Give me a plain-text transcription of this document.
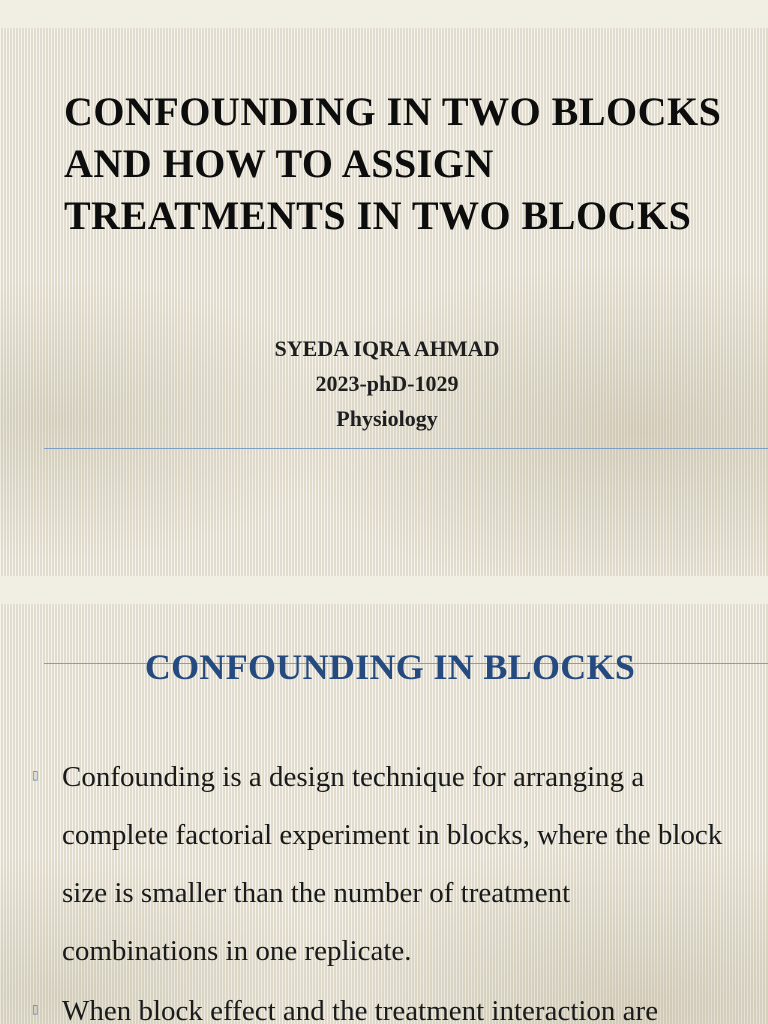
CONFOUNDING IN TWO BLOCKS AND HOW TO ASSIGN TREATMENTS IN TWO BLOCKS
SYEDA IQRA AHMAD
2023-phD-1029
Physiology
CONFOUNDING IN BLOCKS
▯ Confounding is a design technique for arranging a complete factorial experiment in blocks, where the block size is smaller than the number of treatment combinations in one replicate.
▯ When block effect and the treatment interaction are
